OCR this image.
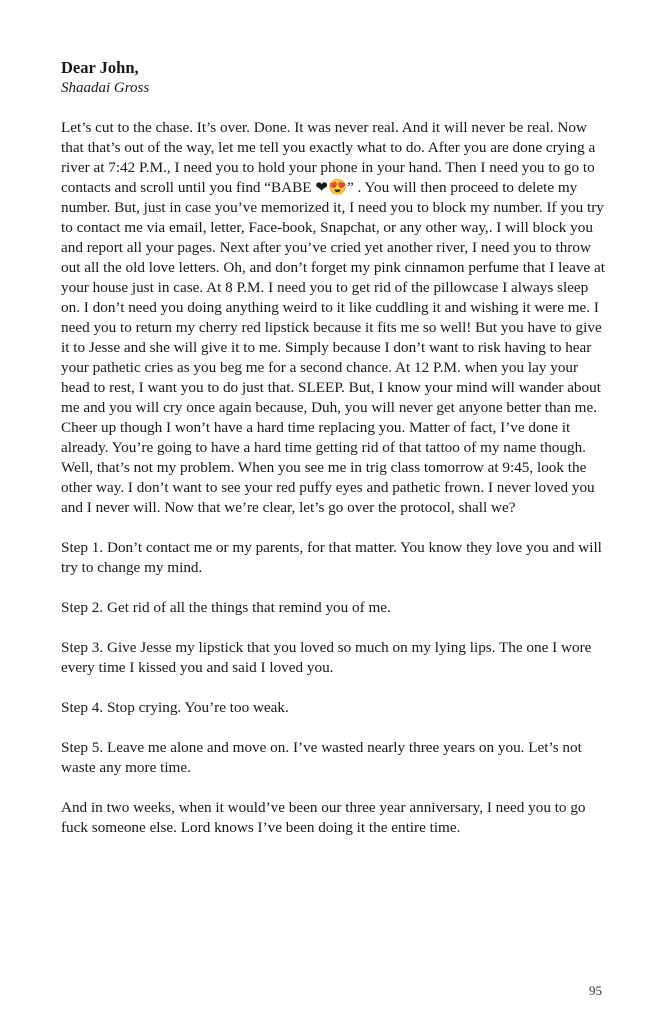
Dear John,

Shaadai Gross

Let’s cut to the chase. It’s over. Done. It was never real. And it will never be real. Now that that’s out of the way, let me tell you exactly what to do. After you are done crying a river at 7:42 P.M., I need you to hold your phone in your hand. Then I need you to go to contacts and scroll until you find “BABE ❤😍” . You will then proceed to delete my number. But, just in case you’ve memorized it, I need you to block my number. If you try to contact me via email, letter, Face-book, Snapchat, or any other way,. I will block you and report all your pages. Next after you’ve cried yet another river, I need you to throw out all the old love letters. Oh, and don’t forget my pink cinnamon perfume that I leave at your house just in case. At 8 P.M. I need you to get rid of the pillowcase I always sleep on. I don’t need you doing anything weird to it like cuddling it and wishing it were me. I need you to return my cherry red lipstick because it fits me so well! But you have to give it to Jesse and she will give it to me. Simply because I don’t want to risk having to hear your pathetic cries as you beg me for a second chance. At 12 P.M. when you lay your head to rest, I want you to do just that. SLEEP. But, I know your mind will wander about me and you will cry once again because, Duh, you will never get anyone better than me. Cheer up though I won’t have a hard time replacing you. Matter of fact, I’ve done it already. You’re going to have a hard time getting rid of that tattoo of my name though. Well, that’s not my problem. When you see me in trig class tomorrow at 9:45, look the other way. I don’t want to see your red puffy eyes and pathetic frown. I never loved you and I never will. Now that we’re clear, let’s go over the protocol, shall we?

Step 1. Don’t contact me or my parents, for that matter. You know they love you and will try to change my mind.

Step 2. Get rid of all the things that remind you of me.

Step 3. Give Jesse my lipstick that you loved so much on my lying lips. The one I wore every time I kissed you and said I loved you.

Step 4. Stop crying. You’re too weak.

Step 5. Leave me alone and move on. I’ve wasted nearly three years on you. Let’s not waste any more time.

And in two weeks, when it would’ve been our three year anniversary, I need you to go fuck someone else. Lord knows I’ve been doing it the entire time.

95
